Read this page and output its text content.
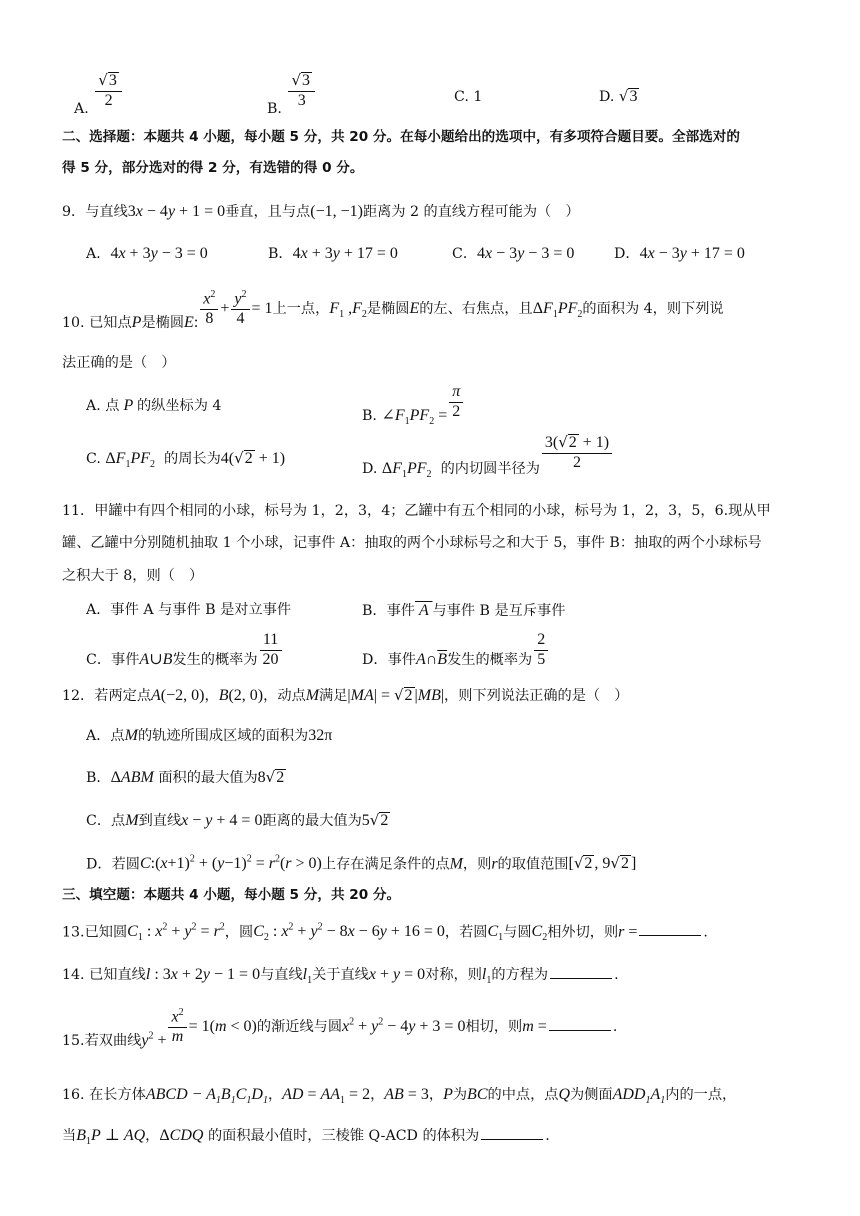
A. $\frac{√3}{2}$	B. $\frac{√3}{3}$	C. 1	D. √3
二、选择题：本题共 4 小题，每小题 5 分，共 20 分。在每小题给出的选项中，有多项符合题目要。全部选对的
得 5 分，部分选对的得 2 分，有选错的得 0 分。
9．与直线3x − 4y + 1 = 0垂直，且与点(−1, −1)距离为 2 的直线方程可能为（　）
A．4x + 3y − 3 = 0	B．4x + 3y + 17 = 0	C．4x − 3y − 3 = 0	D．4x − 3y + 17 = 0
10. 已知点P是椭圆E: $\frac{x^2}{8} + \frac{y^2}{4} = 1$上一点，$F_1$ $,F_2$是椭圆E的左、右焦点，且$\Delta F_1PF_2$的面积为 4，则下列说
法正确的是（　）
A. 点 P 的纵坐标为 4
B. $\angle F_1PF_2 = \frac{\pi}{2}$
C. $\Delta F_1PF_2$ 的周长为4(√2 + 1)
D. $\Delta F_1PF_2$ 的内切圆半径为 $\frac{3(√2 + 1)}{2}$
11．甲罐中有四个相同的小球，标号为 1，2，3，4；乙罐中有五个相同的小球，标号为 1，2，3，5，6.现从甲
罐、乙罐中分别随机抽取 1 个小球，记事件 A：抽取的两个小球标号之和大于 5，事件 B：抽取的两个小球标号
之积大于 8，则（　）
A．事件 A 与事件 B 是对立事件	B．事件 A 与事件 B 是互斥事件
C．事件A∪B发生的概率为 $\frac{11}{20}$	D．事件$A\cap\overline{B}$发生的概率为 $\frac{2}{5}$
12．若两定点A(−2, 0)，B(2, 0)，动点M满足|MA| = √2 |MB|，则下列说法正确的是（　）
A．点M的轨迹所围成区域的面积为32π
B．ΔABM 面积的最大值为8√2
C．点M到直线x − y + 4 = 0距离的最大值为5√2
D．若圆$C:(x+1)^2 + (y-1)^2 = r^2(r > 0)$上存在满足条件的点M，则r的取值范围[√2 , 9√2 ]
三、填空题：本题共 4 小题，每小题 5 分，共 20 分。
13.已知圆$C_1$ : $x^2 + y^2 = r^2$，圆$C_2$ : $x^2 + y^2 - 8x - 6y + 16 = 0$，若圆$C_1$与圆$C_2$相外切，则r =	.
14. 已知直线l : 3x + 2y − 1 = 0与直线$l_1$关于直线x + y = 0对称，则$l_1$的方程为	.
15.若双曲线$y^2 + \frac{x^2}{m} = 1(m < 0)$的渐近线与圆$x^2 + y^2 - 4y + 3 = 0$相切，则m =	.
16. 在长方体ABCD − $A_1B_1C_1D_1$，AD = $AA_1 = 2$，AB = 3，P为BC的中点，点Q为侧面$ADD_1A_1$内的一点，
当$B_1P$ ⊥ AQ，ΔCDQ 的面积最小值时，三棱锥 Q-ACD 的体积为	.
